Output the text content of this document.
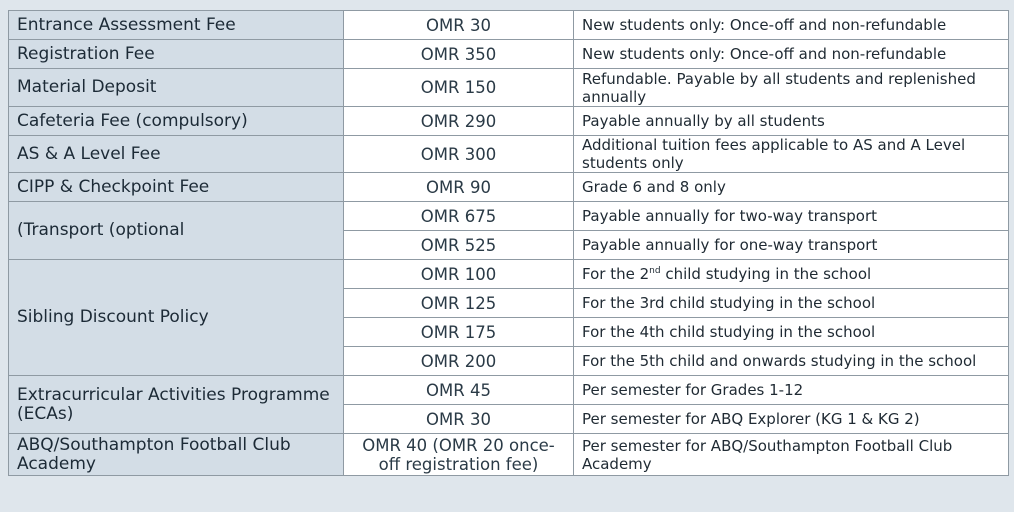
Entrance Assessment Fee	OMR 30	New students only: Once-off and non-refundable
Registration Fee	OMR 350	New students only: Once-off and non-refundable
Material Deposit	OMR 150	Refundable. Payable by all students and replenished annually
Cafeteria Fee (compulsory)	OMR 290	Payable annually by all students
AS & A Level Fee	OMR 300	Additional tuition fees applicable to AS and A Level students only
CIPP & Checkpoint Fee	OMR 90	Grade 6 and 8 only
(Transport (optional	OMR 675	Payable annually for two-way transport
	OMR 525	Payable annually for one-way transport
Sibling Discount Policy	OMR 100	For the 2nd child studying in the school
	OMR 125	For the 3rd child studying in the school
	OMR 175	For the 4th child studying in the school
	OMR 200	For the 5th child and onwards studying in the school
Extracurricular Activities Programme (ECAs)	OMR 45	Per semester for Grades 1-12
	OMR 30	Per semester for ABQ Explorer (KG 1 & KG 2)
ABQ/Southampton Football Club Academy	OMR 40 (OMR 20 once-off registration fee)	Per semester for ABQ/Southampton Football Club Academy
